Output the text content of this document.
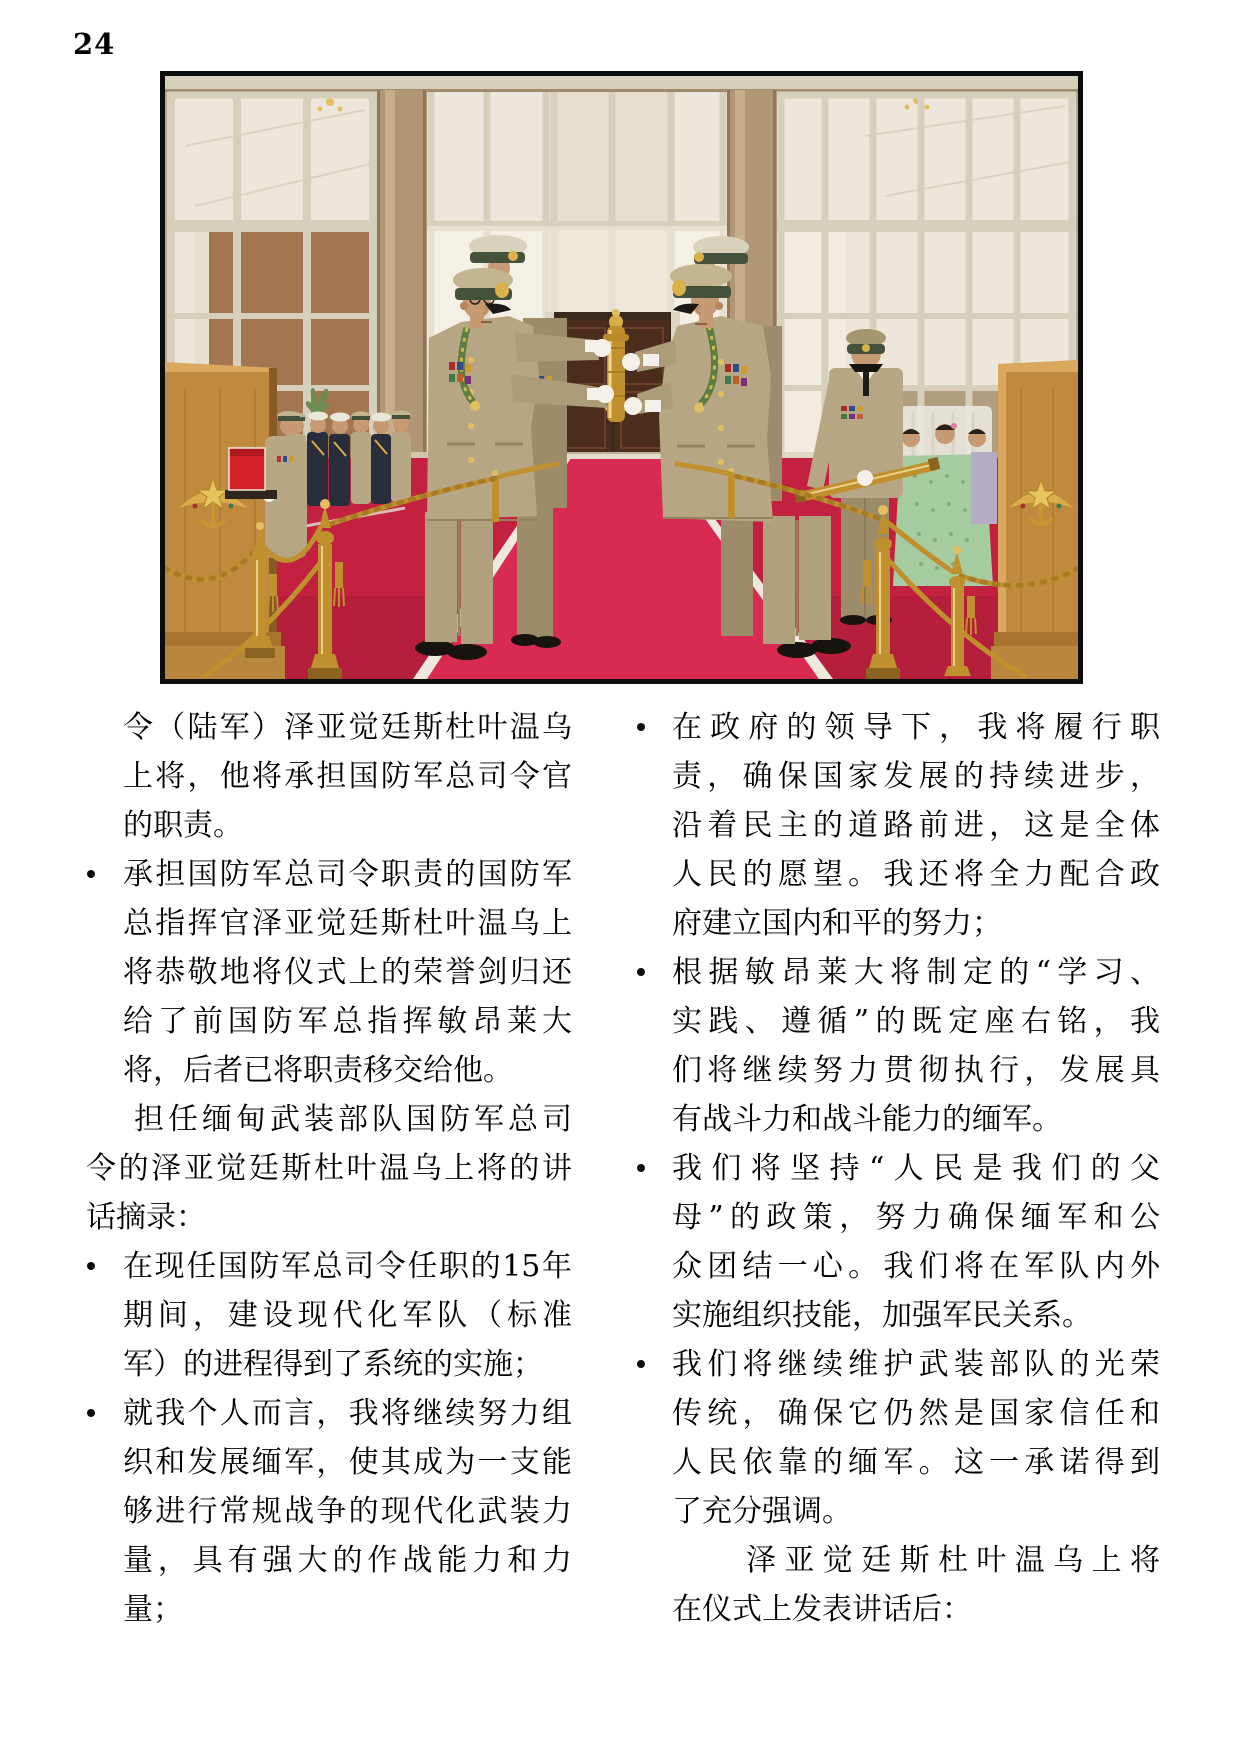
24
令（陆军）泽亚觉廷斯杜叶温乌
上将，他将承担国防军总司令官
的职责。
承担国防军总司令职责的国防军
总指挥官泽亚觉廷斯杜叶温乌上
将恭敬地将仪式上的荣誉剑归还
给了前国防军总指挥敏昂莱大
将，后者已将职责移交给他。
担任缅甸武装部队国防军总司
令的泽亚觉廷斯杜叶温乌上将的讲
话摘录：
在现任国防军总司令任职的15年
期间，建设现代化军队（标准
军）的进程得到了系统的实施；
就我个人而言，我将继续努力组
织和发展缅军，使其成为一支能
够进行常规战争的现代化武装力
量，具有强大的作战能力和力
量；
在政府的领导下，我将履行职
责，确保国家发展的持续进步，
沿着民主的道路前进，这是全体
人民的愿望。我还将全力配合政
府建立国内和平的努力；
根据敏昂莱大将制定的“学习、
实践、遵循”的既定座右铭，我
们将继续努力贯彻执行，发展具
有战斗力和战斗能力的缅军。
我们将坚持“人民是我们的父
母”的政策，努力确保缅军和公
众团结一心。我们将在军队内外
实施组织技能，加强军民关系。
我们将继续维护武装部队的光荣
传统，确保它仍然是国家信任和
人民依靠的缅军。这一承诺得到
了充分强调。
泽亚觉廷斯杜叶温乌上将
在仪式上发表讲话后：
